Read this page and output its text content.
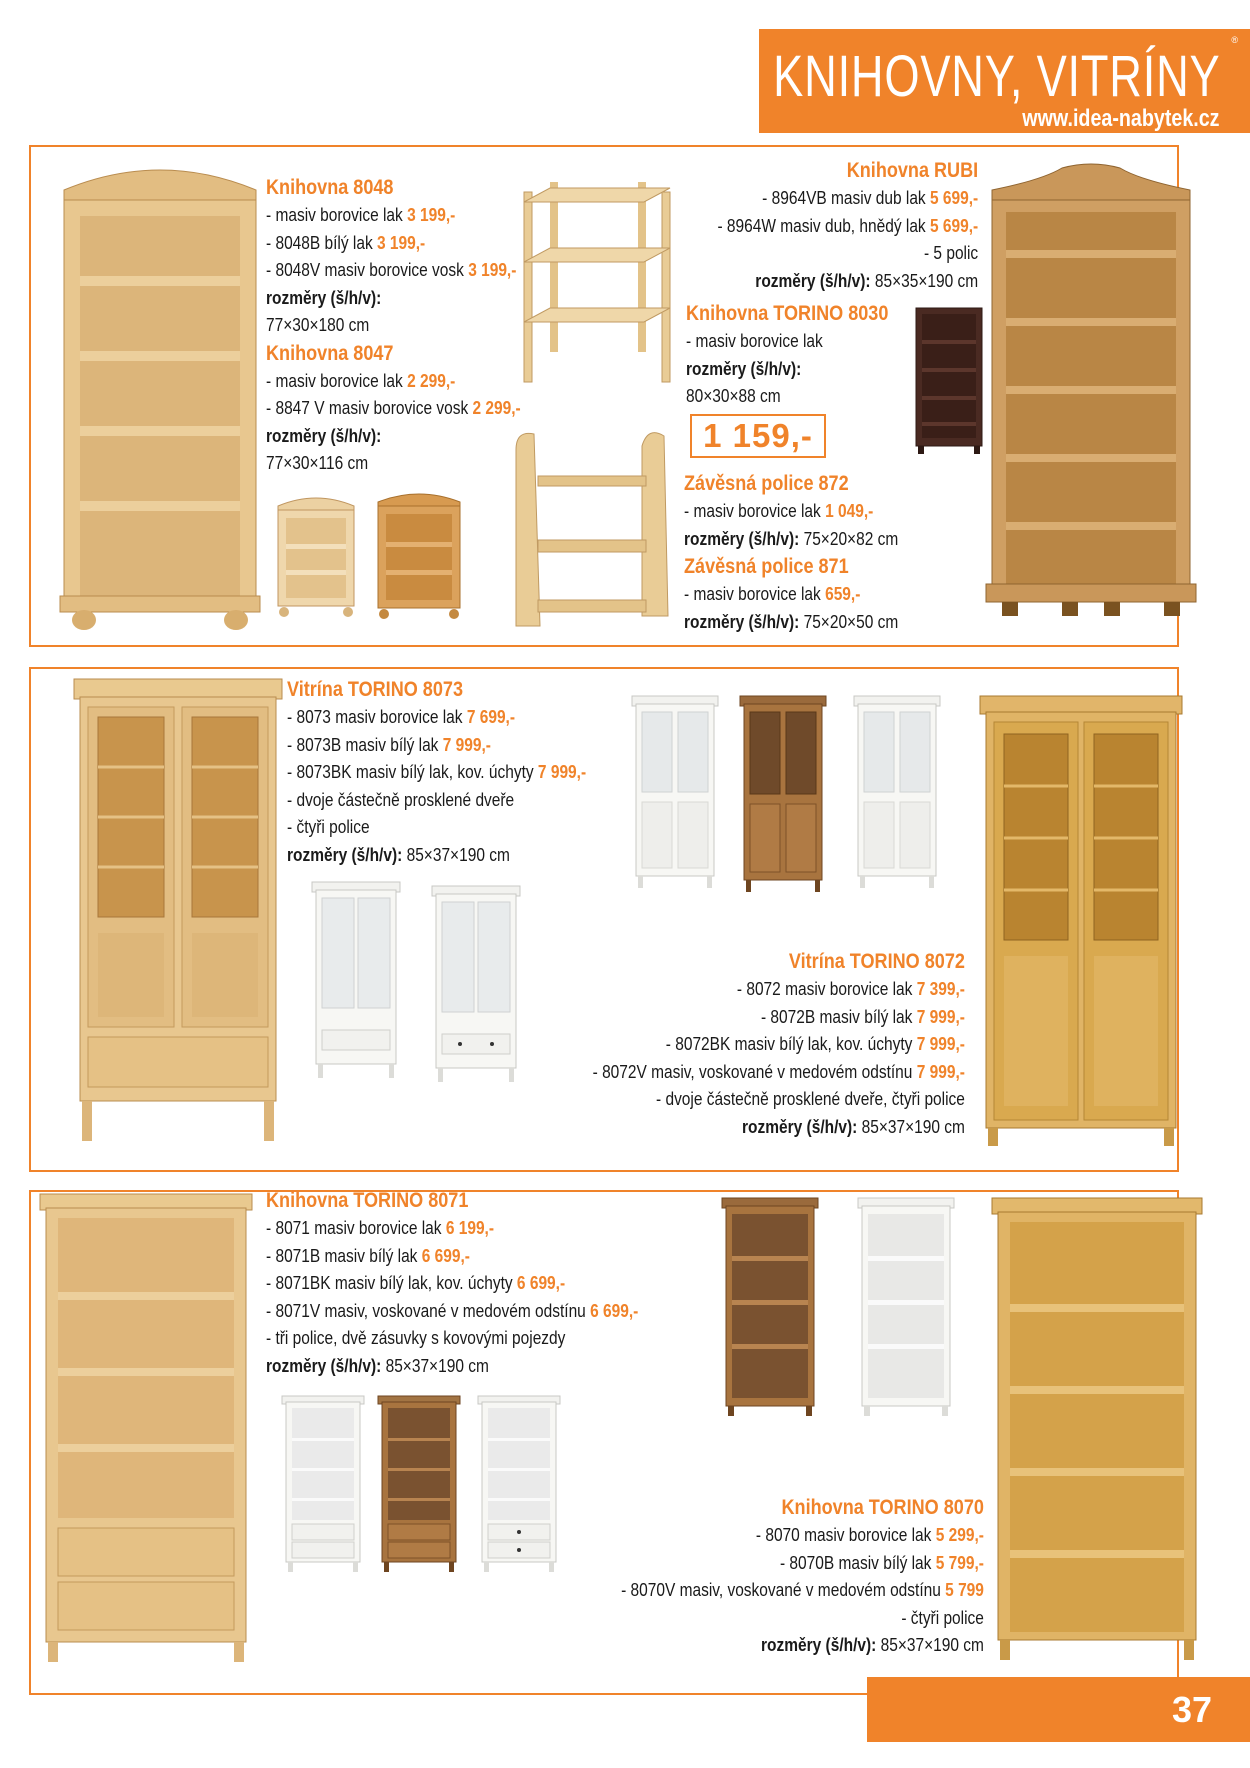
®
KNIHOVNY, VITRÍNY
www.idea-nabytek.cz
Knihovna 8048
- masiv borovice lak 3 199,-
- 8048B bílý lak 3 199,-
- 8048V masiv borovice vosk 3 199,-
rozměry (š/h/v):
77×30×180 cm
Knihovna 8047
- masiv borovice lak 2 299,-
- 8847 V masiv borovice vosk 2 299,-
rozměry (š/h/v):
77×30×116 cm
Knihovna RUBI
- 8964VB masiv dub lak 5 699,-
- 8964W masiv dub, hnědý lak 5 699,-
- 5 polic
rozměry (š/h/v): 85×35×190 cm
Knihovna TORINO 8030
- masiv borovice lak
rozměry (š/h/v):
80×30×88 cm
1 159,-
Závěsná police 872
- masiv borovice lak 1 049,-
rozměry (š/h/v): 75×20×82 cm
Závěsná police 871
- masiv borovice lak 659,-
rozměry (š/h/v): 75×20×50 cm
Vitrína TORINO 8073
- 8073 masiv borovice lak 7 699,-
- 8073B masiv bílý lak 7 999,-
- 8073BK masiv bílý lak, kov. úchyty 7 999,-
- dvoje částečně prosklené dveře
- čtyři police
rozměry (š/h/v): 85×37×190 cm
Vitrína TORINO 8072
- 8072 masiv borovice lak 7 399,-
- 8072B masiv bílý lak 7 999,-
- 8072BK masiv bílý lak, kov. úchyty 7 999,-
- 8072V masiv, voskované v medovém odstínu 7 999,-
- dvoje částečně prosklené dveře, čtyři police
rozměry (š/h/v): 85×37×190 cm
Knihovna TORINO 8071
- 8071 masiv borovice lak 6 199,-
- 8071B masiv bílý lak 6 699,-
- 8071BK masiv bílý lak, kov. úchyty 6 699,-
- 8071V masiv, voskované v medovém odstínu 6 699,-
- tři police, dvě zásuvky s kovovými pojezdy
rozměry (š/h/v): 85×37×190 cm
Knihovna TORINO 8070
- 8070 masiv borovice lak 5 299,-
- 8070B masiv bílý lak 5 799,-
- 8070V masiv, voskované v medovém odstínu 5 799
- čtyři police
rozměry (š/h/v): 85×37×190 cm
37
